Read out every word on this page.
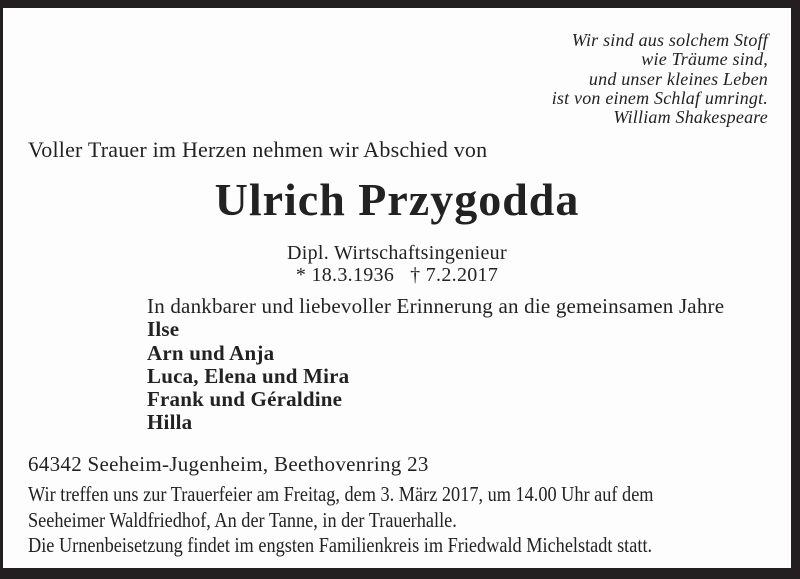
Wir sind aus solchem Stoff
wie Träume sind,
und unser kleines Leben
ist von einem Schlaf umringt.
William Shakespeare
Voller Trauer im Herzen nehmen wir Abschied von
Ulrich Przygodda
Dipl. Wirtschaftsingenieur
* 18.3.1936 † 7.2.2017
In dankbarer und liebevoller Erinnerung an die gemeinsamen Jahre
Ilse
Arn und Anja
Luca, Elena und Mira
Frank und Géraldine
Hilla
64342 Seeheim-Jugenheim, Beethovenring 23
Wir treffen uns zur Trauerfeier am Freitag, dem 3. März 2017, um 14.00 Uhr auf dem
Seeheimer Waldfriedhof, An der Tanne, in der Trauerhalle.
Die Urnenbeisetzung findet im engsten Familienkreis im Friedwald Michelstadt statt.
